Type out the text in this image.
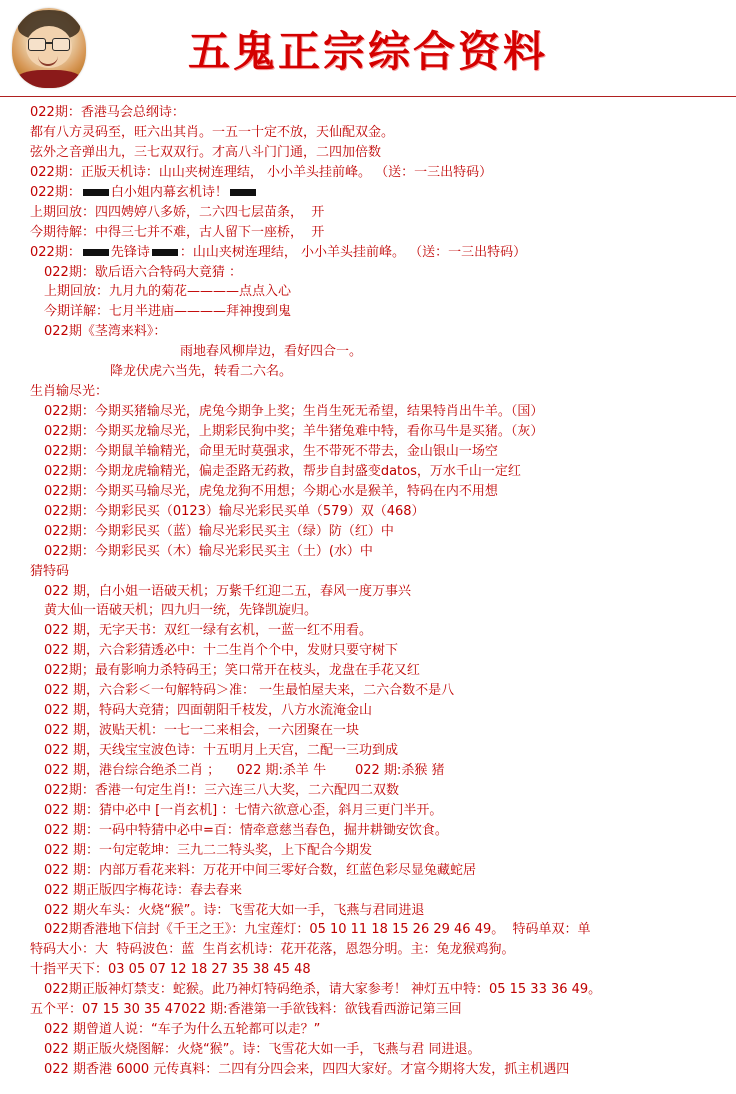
五鬼正宗综合资料

022期：香港马会总纲诗：

都有八方灵码至，旺六出其肖。一五一十定不放，天仙配双金。

弦外之音弹出九，三七双双行。才高八斗门门通，二四加倍数

022期：正版天机诗：山山夹树连理结， 小小羊头挂前峰。 （送：一三出特码）

022期： 白小姐内幕玄机诗！

上期回放：四四娉婷八多娇，二六四七层苗条，  开

今期待解：中得三七并不难，古人留下一座桥，  开

022期： 先锋诗 ：山山夹树连理结， 小小羊头挂前峰。 （送：一三出特码）

022期：歇后语六合特码大竟猜 ：

上期回放：九月九的菊花————点点入心

今期详解：七月半进庙————拜神搜到鬼

022期《茎湾来料》：

雨地春风柳岸边，看好四合一。

降龙伏虎六当先，转看二六名。

生肖输尽光：

022期：今期买猪输尽光，虎兔今期争上奖；生肖生死无希望，结果特肖出牛羊。（国）

022期：今期买龙输尽光，上期彩民狗中奖；羊牛猪兔难中特，看你马牛是买猪。（灰）

022期：今期鼠羊输精光，命里无时莫强求，生不带死不带去，金山银山一场空

022期：今期龙虎输精光，偏走歪路无药救，帮步自封盛变datos，万水千山一定红

022期：今期买马输尽光，虎兔龙狗不用想；今期心水是猴羊，特码在内不用想

022期：今期彩民买（0123）输尽光彩民买单（579）双（468）

022期：今期彩民买（蓝）输尽光彩民买主（绿）防（红）中

022期：今期彩民买（木）输尽光彩民买主（土）(水）中

猜特码

022 期，白小姐一语破天机；万紫千红迎二五，春风一度万事兴

黄大仙一语破天机；四九归一统，先锋凯旋归。

022 期，无字天书：双红一绿有玄机，一蓝一红不用看。

022 期，六合彩猜透必中：十二生肖个个中，发财只要守树下

022期；最有影响力杀特码王；笑口常开在枝头，龙盘在手花又红

022 期，六合彩＜一句解特码＞准： 一生最怕屋夫来，二六合数不是八

022 期，特码大竞猜；四面朝阳千枝发，八方水流淹金山

022 期，波贴天机：一七一二来相会，一六团聚在一块

022 期，天线宝宝波色诗：十五明月上天宫，二配一三功到成

022 期，港台综合绝杀二肖 ；    022 期:杀羊 牛       022 期:杀猴 猪

022期：香港一句定生肖!：三六连三八大奖，二六配四二双数

022 期：猜中必中 [一肖玄机] ：七情六欲意心歪，斜月三更门半开。

022 期：一码中特猜中必中=百：情牵意慈当春色，掘井耕锄安饮食。

022 期：一句定乾坤：三九二二特头奖，上下配合今期发

022 期：内部万看花来料：万花开中间三零好合数，红蓝色彩尽显兔藏蛇居

022 期正版四字梅花诗：春去春来

022 期火车头：火烧“猴”。诗：飞雪花大如一手，飞燕与君同进退

022期香港地下信封《千王之王》：九宝莲灯：05 10 11 18 15 26 29 46 49。  特码单双：单

特码大小：大  特码波色：蓝  生肖玄机诗：花开花落，恩怨分明。主：兔龙猴鸡狗。

十指平天下：03 05 07 12 18 27 35 38 45 48

022期正版神灯禁支：蛇猴。此乃神灯特码绝杀，请大家参考！ 神灯五中特：05 15 33 36 49。

五个平：07 15 30 35 47022 期:香港第一手欲钱料：欲钱看西游记第三回

022 期曾道人说：“车子为什么五轮都可以走？”

022 期正版火烧图解：火烧“猴”。诗：飞雪花大如一手，飞燕与君 同进退。

022 期香港 6000 元传真料：二四有分四会来，四四大家好。才富今期将大发，抓主机遇四
